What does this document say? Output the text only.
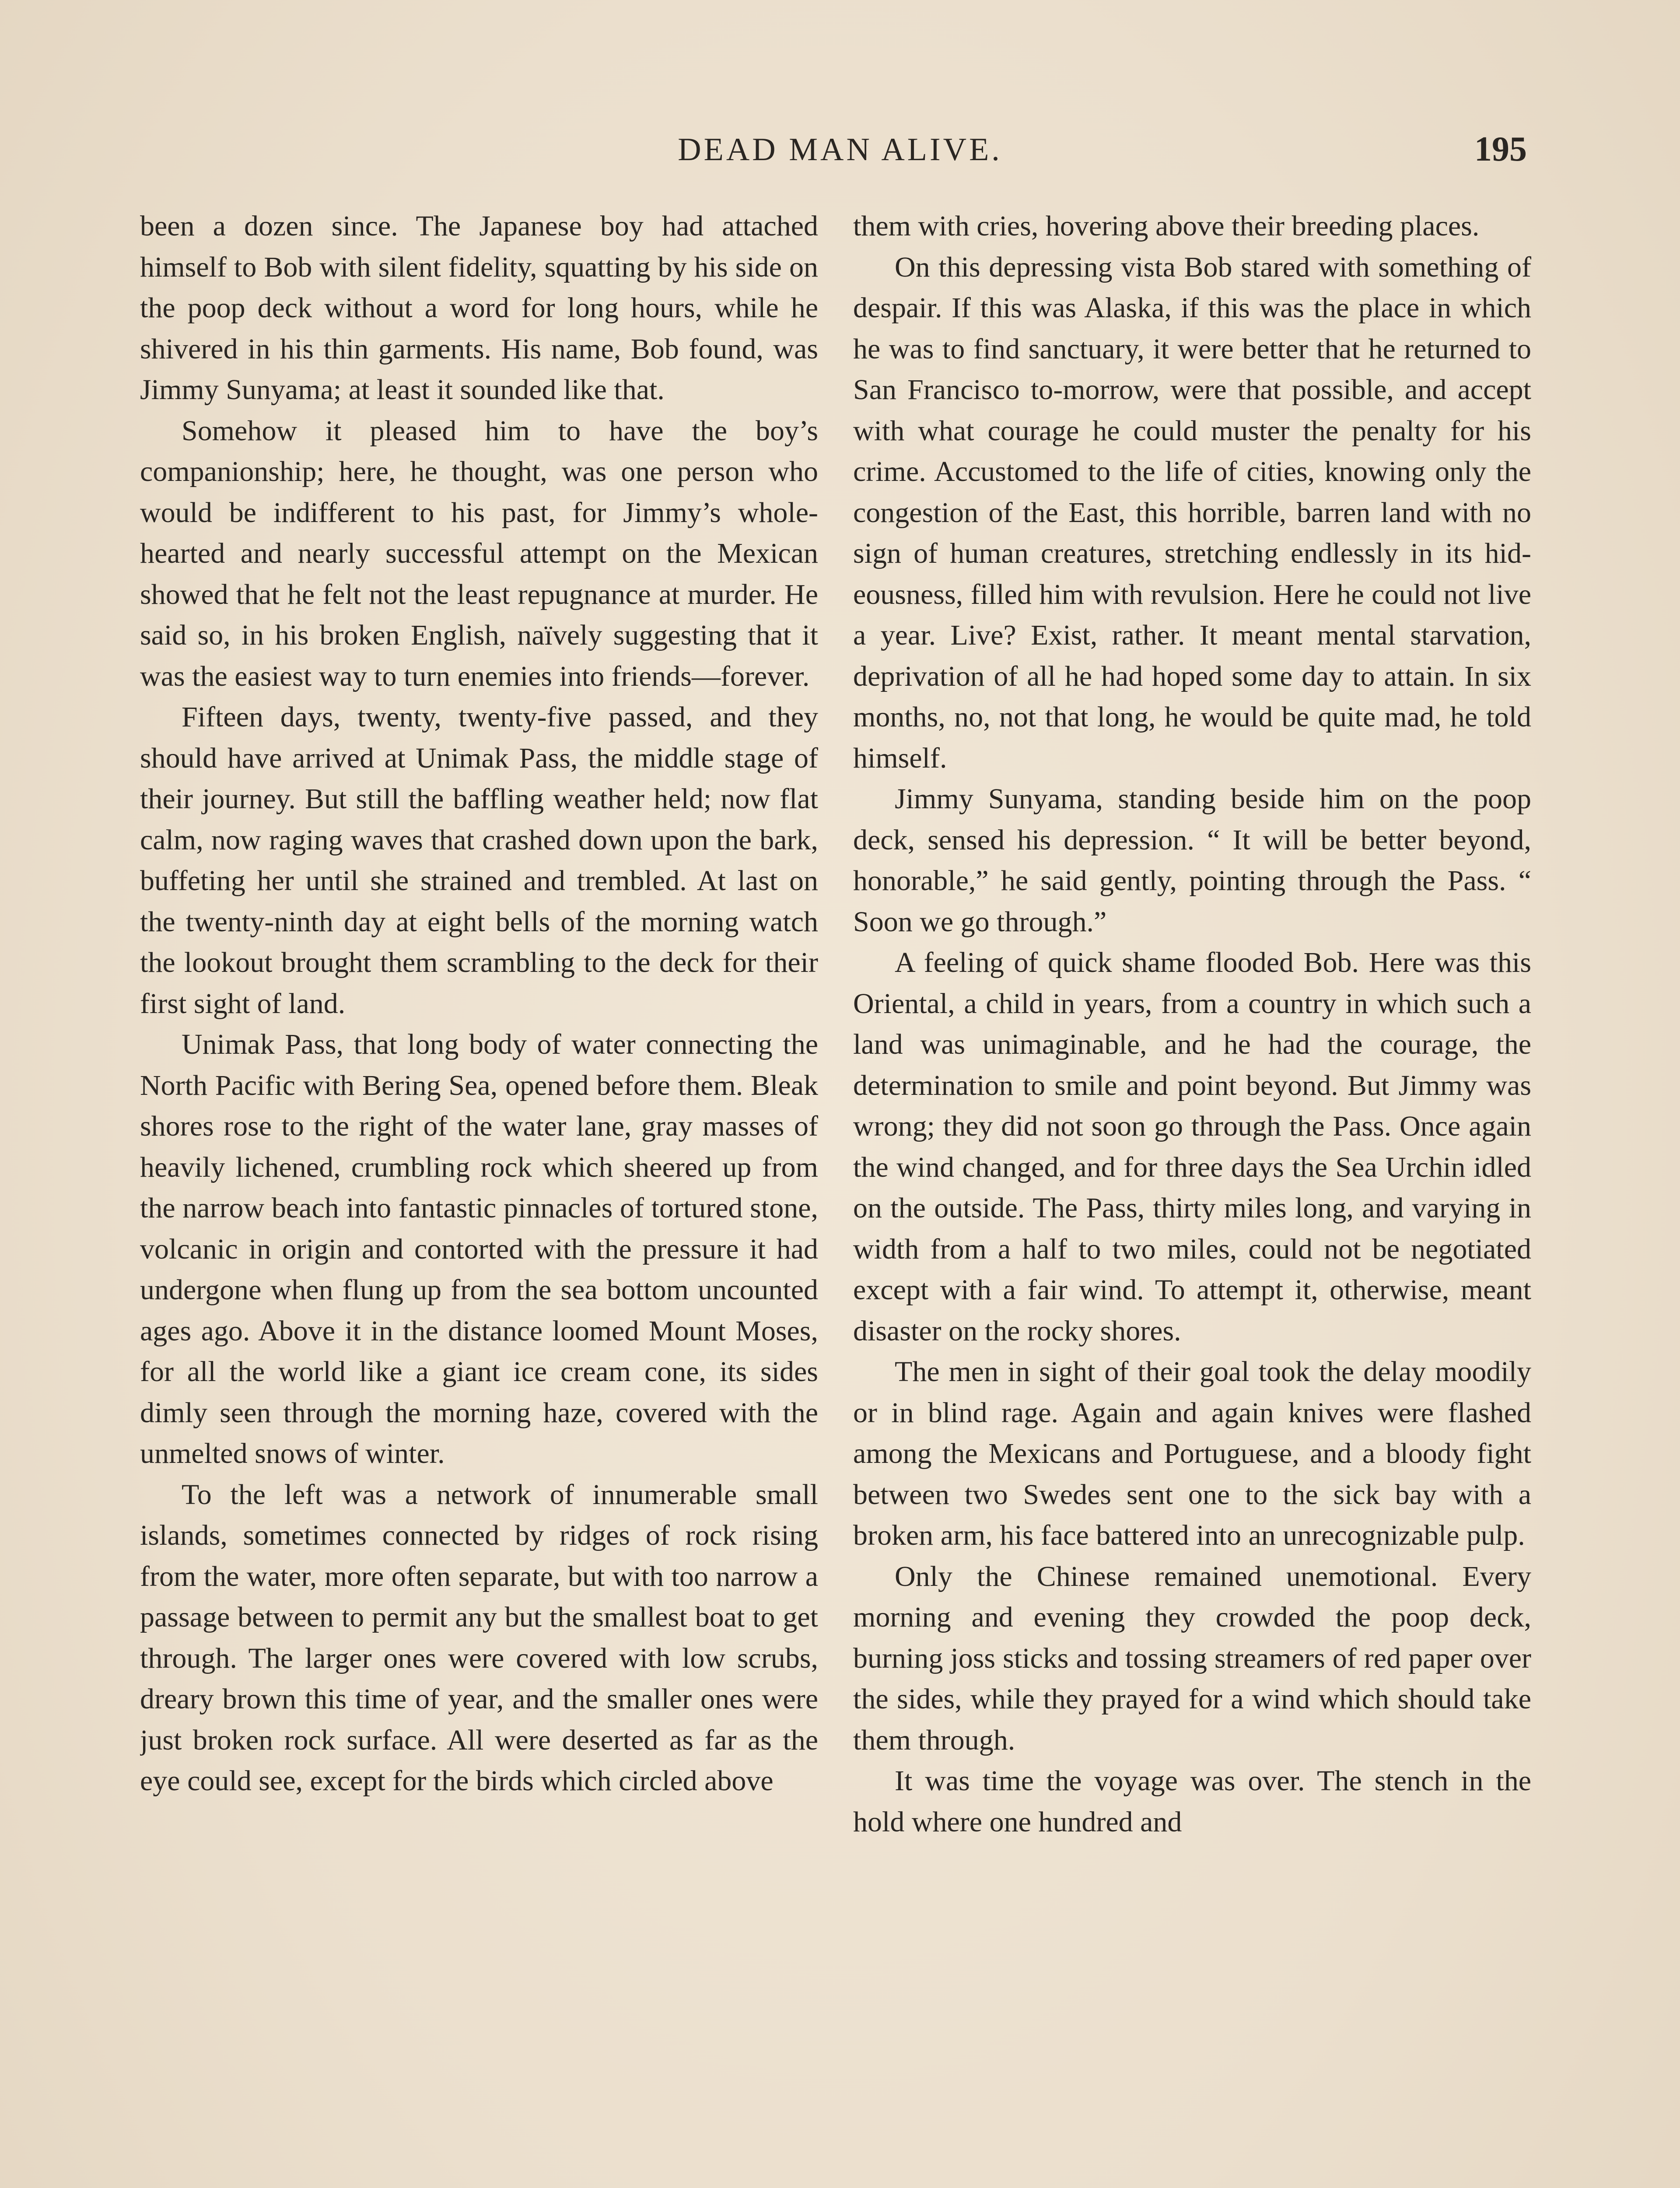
DEAD MAN ALIVE.	195

been a dozen since. The Japanese boy had attached himself to Bob with silent fidelity, squatting by his side on the poop deck without a word for long hours, while he shivered in his thin garments. His name, Bob found, was Jimmy Sunyama; at least it sounded like that.

Somehow it pleased him to have the boy’s companionship; here, he thought, was one person who would be indifferent to his past, for Jimmy’s whole-hearted and nearly successful attempt on the Mexican showed that he felt not the least repugnance at murder. He said so, in his broken English, naïvely suggesting that it was the easiest way to turn enemies into friends—forever.

Fifteen days, twenty, twenty-five passed, and they should have arrived at Unimak Pass, the middle stage of their journey. But still the baffling weather held; now flat calm, now raging waves that crashed down upon the bark, buffeting her until she strained and trembled. At last on the twenty-ninth day at eight bells of the morning watch the lookout brought them scrambling to the deck for their first sight of land.

Unimak Pass, that long body of water connecting the North Pacific with Bering Sea, opened before them. Bleak shores rose to the right of the water lane, gray masses of heavily lichened, crumbling rock which sheered up from the narrow beach into fantastic pinnacles of tortured stone, volcanic in origin and contorted with the pressure it had undergone when flung up from the sea bottom uncounted ages ago. Above it in the distance loomed Mount Moses, for all the world like a giant ice cream cone, its sides dimly seen through the morning haze, covered with the unmelted snows of winter.

To the left was a network of innumerable small islands, sometimes connected by ridges of rock rising from the water, more often separate, but with too narrow a passage between to permit any but the smallest boat to get through. The larger ones were covered with low scrubs, dreary brown this time of year, and the smaller ones were just broken rock surface. All were deserted as far as the eye could see, except for the birds which circled above

them with cries, hovering above their breeding places.

On this depressing vista Bob stared with something of despair. If this was Alaska, if this was the place in which he was to find sanctuary, it were better that he returned to San Francisco to-morrow, were that possible, and accept with what courage he could muster the penalty for his crime. Accustomed to the life of cities, knowing only the congestion of the East, this horrible, barren land with no sign of human creatures, stretching endlessly in its hideousness, filled him with revulsion. Here he could not live a year. Live? Exist, rather. It meant mental starvation, deprivation of all he had hoped some day to attain. In six months, no, not that long, he would be quite mad, he told himself.

Jimmy Sunyama, standing beside him on the poop deck, sensed his depression. “ It will be better beyond, honorable,” he said gently, pointing through the Pass. “ Soon we go through.”

A feeling of quick shame flooded Bob. Here was this Oriental, a child in years, from a country in which such a land was unimaginable, and he had the courage, the determination to smile and point beyond. But Jimmy was wrong; they did not soon go through the Pass. Once again the wind changed, and for three days the Sea Urchin idled on the outside. The Pass, thirty miles long, and varying in width from a half to two miles, could not be negotiated except with a fair wind. To attempt it, otherwise, meant disaster on the rocky shores.

The men in sight of their goal took the delay moodily or in blind rage. Again and again knives were flashed among the Mexicans and Portuguese, and a bloody fight between two Swedes sent one to the sick bay with a broken arm, his face battered into an unrecognizable pulp.

Only the Chinese remained unemotional. Every morning and evening they crowded the poop deck, burning joss sticks and tossing streamers of red paper over the sides, while they prayed for a wind which should take them through.

It was time the voyage was over. The stench in the hold where one hundred and
